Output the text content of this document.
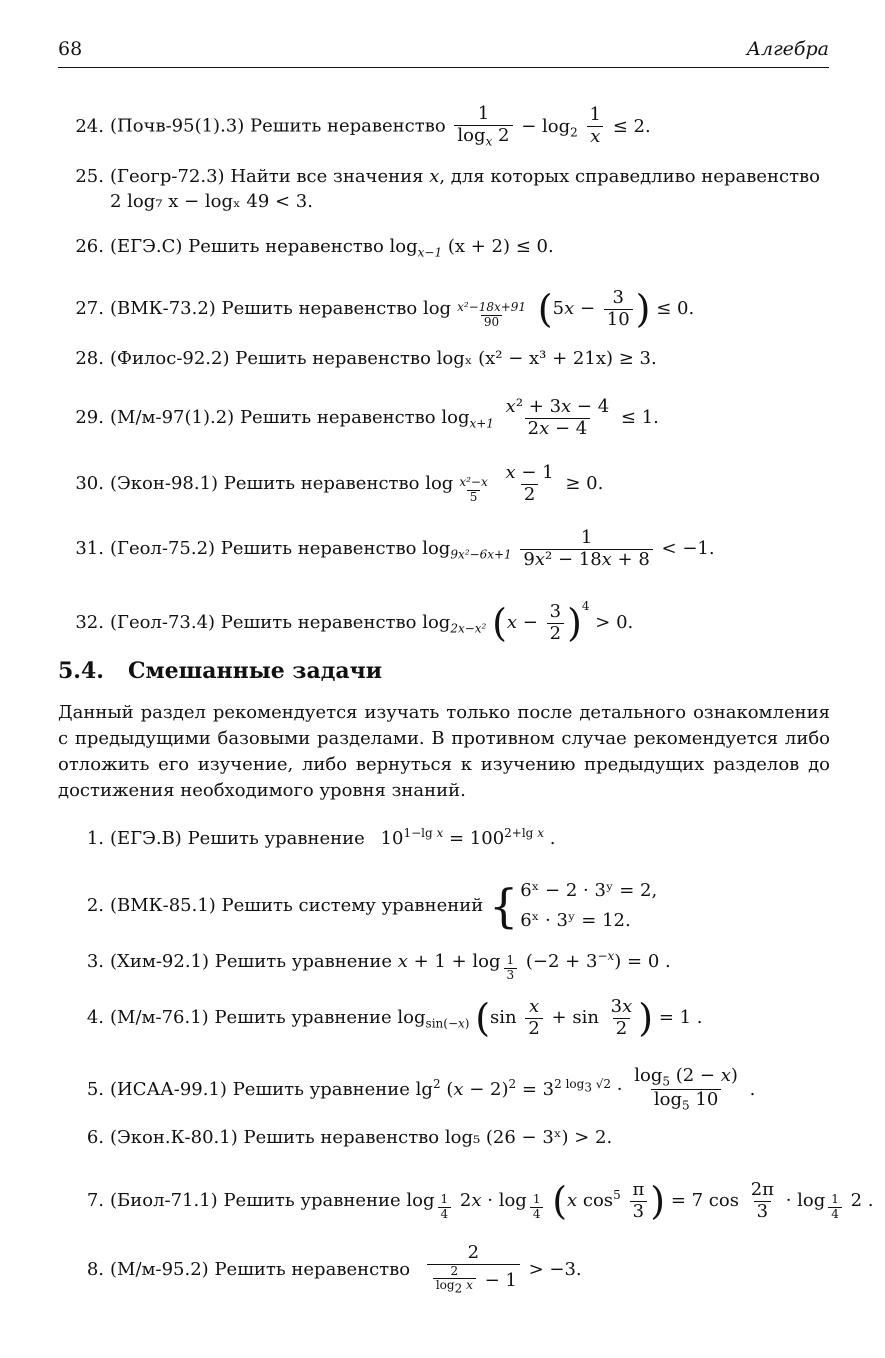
68	Алгебра
24. (Почв-95(1).3) Решить неравенство $\frac{1}{\log_x 2} - \log_2 \frac{1}{x} \le 2$.
25. (Геогр-72.3) Найти все значения x, для которых справедливо неравенство
2 log₇ x − logₓ 49 < 3.
26. (ЕГЭ.С) Решить неравенство $\log_{x-1} (x + 2) \le 0$.
27. (ВМК-73.2) Решить неравенство log $_{\frac{\text{x²−18x+91}}{90}}$ ($5x - \frac{3}{10}$ ) ≤ 0.
28. (Филос-92.2) Решить неравенство logₓ (x² − x³ + 21x) ≥ 3.
29. (М/м-97(1).2) Решить неравенство $\log_{x+1} \frac{\text{x² + 3x − 4}}{2x - 4} \le 1$.
30. (Экон-98.1) Решить неравенство log $_{\frac{\text{x²−x}}{5}}$
$\frac{x - 1}{2} \ge 0$.
31. (Геол-75.2) Решить неравенство $\log_{9x^2-6x+1} \frac{1}{\text{9x² − 18x + 8}} < -1$.
32. (Геол-73.4) Решить неравенство $\log_{2x-x^2} (x - \frac{3}{2} )^4 > 0$.
5.4. Смешанные задачи
Данный раздел рекомендуется изучать только после детального ознакомления с предыдущими базовыми разделами. В противном случае рекомендуется либо отложить его изучение, либо вернуться к изучению предыдущих разделов до достижения необходимого уровня знаний.
1. (ЕГЭ.В) Решить уравнение $10^{1-lg x} = 100^{2+lg x}$ .
2. (ВМК-85.1) Решить систему уравнений { 6ˣ − 2 · 3ʸ = 2,
6ˣ · 3ʸ = 12.
3. (Хим-92.1) Решить уравнение x + 1 + log $_{\frac{1}{3}}$ $(-2 + 3^{-x}) = 0$ .
4. (М/м-76.1) Решить уравнение $\log_{sin(-x)} (\sin \frac{x}{2} + \sin \frac{3x}{2}$ ) = 1 .
5. (ИСАА-99.1) Решить уравнение $\lg^2 (x - 2)^2 = 3^{2 log_3 √2} \cdot \frac{\log_5 (2 - x)}{\log_5 10}$ .
6. (Экон.К-80.1) Решить неравенство log₅ (26 − 3ˣ) > 2.
7. (Биол-71.1) Решить уравнение log $_{\frac{1}{4}}$ 2x · log $_{\frac{1}{4}}$ (x $\cos^5 \frac{\pi}{3}$ ) = 7 $\cos \frac{2\pi}{3} \cdot \log _{\frac{1}{4}}$ 2 .
8. (М/м-95.2) Решить неравенство $\frac{2}{\frac{2}{\log_2 x} - 1} > -3$.
